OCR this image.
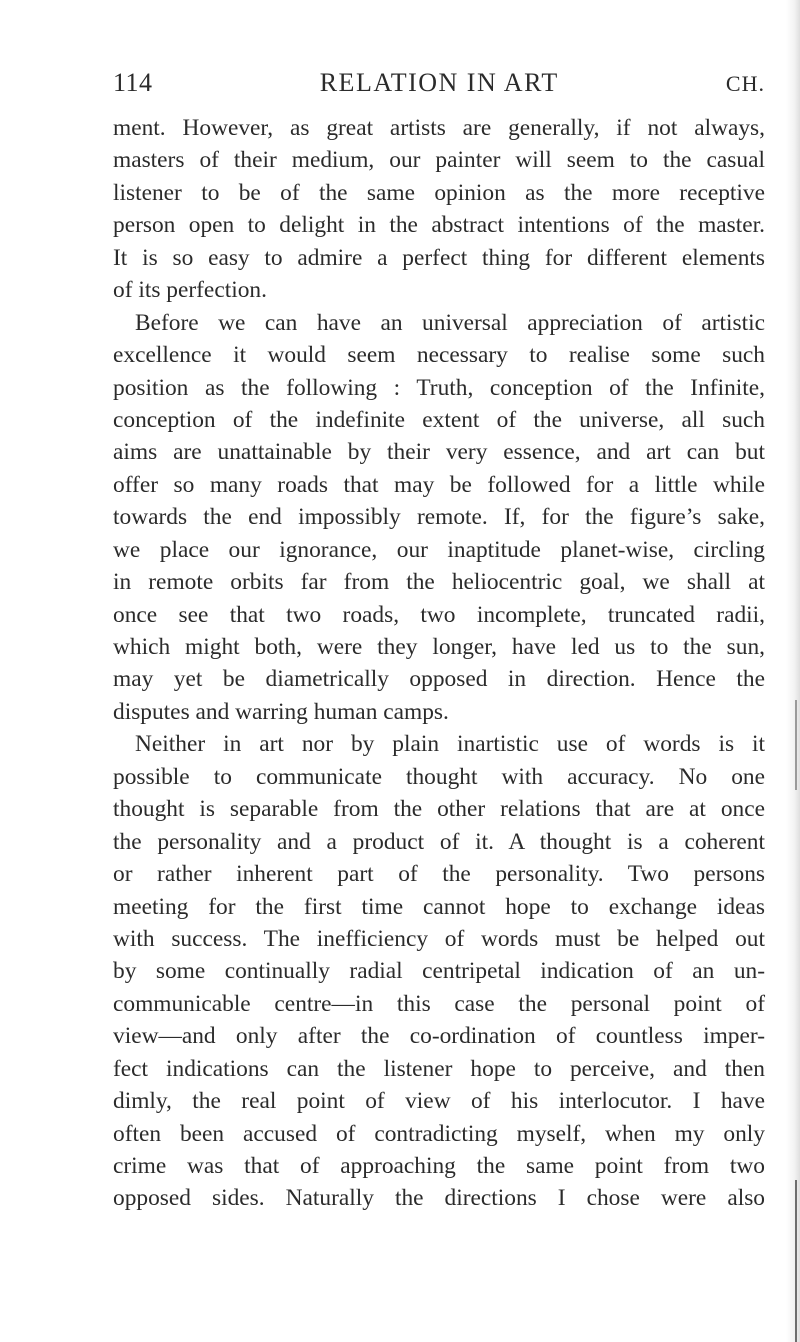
114	RELATION IN ART	CH.
ment. However, as great artists are generally, if not always,
masters of their medium, our painter will seem to the casual
listener to be of the same opinion as the more receptive
person open to delight in the abstract intentions of the master.
It is so easy to admire a perfect thing for different elements
of its perfection.
Before we can have an universal appreciation of artistic
excellence it would seem necessary to realise some such
position as the following : Truth, conception of the Infinite,
conception of the indefinite extent of the universe, all such
aims are unattainable by their very essence, and art can but
offer so many roads that may be followed for a little while
towards the end impossibly remote. If, for the figure’s sake,
we place our ignorance, our inaptitude planet-wise, circling
in remote orbits far from the heliocentric goal, we shall at
once see that two roads, two incomplete, truncated radii,
which might both, were they longer, have led us to the sun,
may yet be diametrically opposed in direction. Hence the
disputes and warring human camps.
Neither in art nor by plain inartistic use of words is it
possible to communicate thought with accuracy. No one
thought is separable from the other relations that are at once
the personality and a product of it. A thought is a coherent
or rather inherent part of the personality. Two persons
meeting for the first time cannot hope to exchange ideas
with success. The inefficiency of words must be helped out
by some continually radial centripetal indication of an un-
communicable centre—in this case the personal point of
view—and only after the co-ordination of countless imper-
fect indications can the listener hope to perceive, and then
dimly, the real point of view of his interlocutor. I have
often been accused of contradicting myself, when my only
crime was that of approaching the same point from two
opposed sides. Naturally the directions I chose were also
